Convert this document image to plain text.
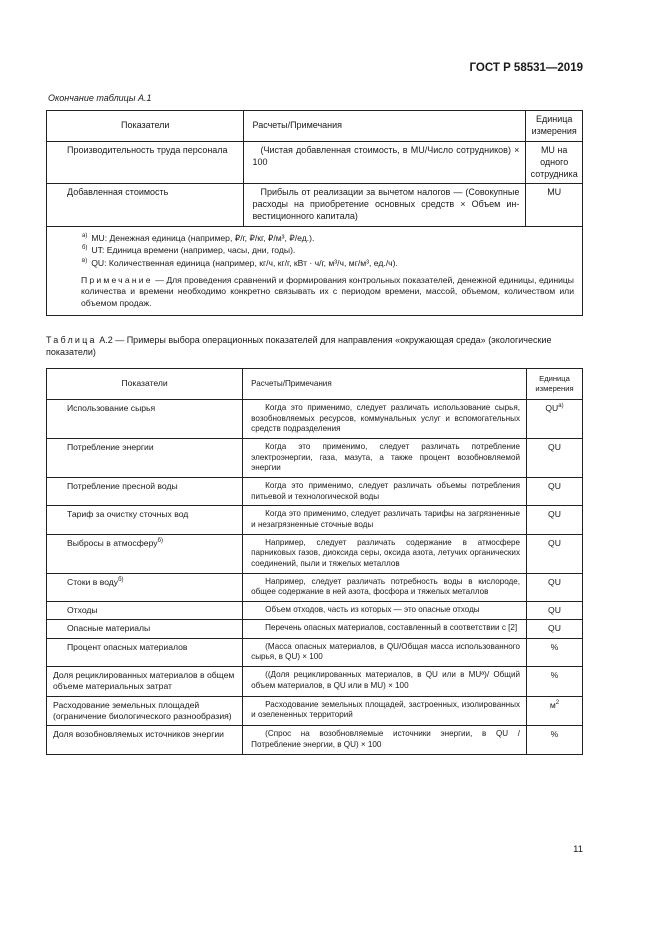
ГОСТ Р 58531—2019
Окончание таблицы А.1
Показатели	Расчеты/Примечания	Единица измерения
Производительность труда персонала	(Чистая добавленная стоимость, в MU/Число сотрудников) × 100	MU на одного сотрудника
Добавленная стоимость	Прибыль от реализации за вычетом налогов — (Совокупные расходы на приобретение основных средств × Объем инвестиционного капитала)	MU

$^{а)}$ MU: Денежная единица (например, ₽/г, ₽/кг, ₽/м³, ₽/ед.).
$^{б)}$ UT: Единица времени (например, часы, дни, годы).
$^{в)}$ QU: Количественная единица (например, кг/ч, кг/г, кВт · ч/г, м³/ч, мг/м³, ед./ч).
Примечание — Для проведения сравнений и формирования контрольных показателей, денежной единицы, единицы количества и времени необходимо конкретно связывать их с периодом времени, массой, объемом, количеством или объемом продаж.		
Таблица А.2 — Примеры выбора операционных показателей для направления «окружающая среда» (экологические показатели)
Показатели	Расчеты/Примечания	Единица измерения
Использование сырья	Когда это применимо, следует различать использование сырья, возобновляемых ресурсов, коммунальных услуг и вспомогательных средств подразделения	$QU^{а)}$
Потребление энергии	Когда это применимо, следует различать потребление электроэнергии, газа, мазута, а также процент возобновляемой энергии	QU
Потребление пресной воды	Когда это применимо, следует различать объемы потребления питьевой и технологической воды	QU
Тариф за очистку сточных вод	Когда это применимо, следует различать тарифы на загрязненные и незагрязненные сточные воды	QU
Выбросы в атмосферу$^{б)}$	Например, следует различать содержание в атмосфере парниковых газов, диоксида серы, оксида азота, летучих органических соединений, пыли и тяжелых металлов	QU
Стоки в воду$^{б)}$	Например, следует различать потребность воды в кислороде, общее содержание в ней азота, фосфора и тяжелых металлов	QU
Отходы	Объем отходов, часть из которых — это опасные отходы	QU
Опасные материалы	Перечень опасных материалов, составленный в соответствии с [2]	QU
Процент опасных материалов	(Масса опасных материалов, в QU/Общая масса использованного сырья, в QU) × 100	%
Доля рециклированных материалов в общем объеме материальных затрат	((Доля рециклированных материалов, в QU или в MUª)/ Общий объем материалов, в QU или в MU) × 100	%
Расходование земельных площадей (ограничение биологического разнообразия)	Расходование земельных площадей, застроенных, изолированных и озелененных территорий	$м^2$
Доля возобновляемых источников энергии	(Спрос на возобновляемые источники энергии, в QU / Потребление энергии, в QU) × 100	%
11
